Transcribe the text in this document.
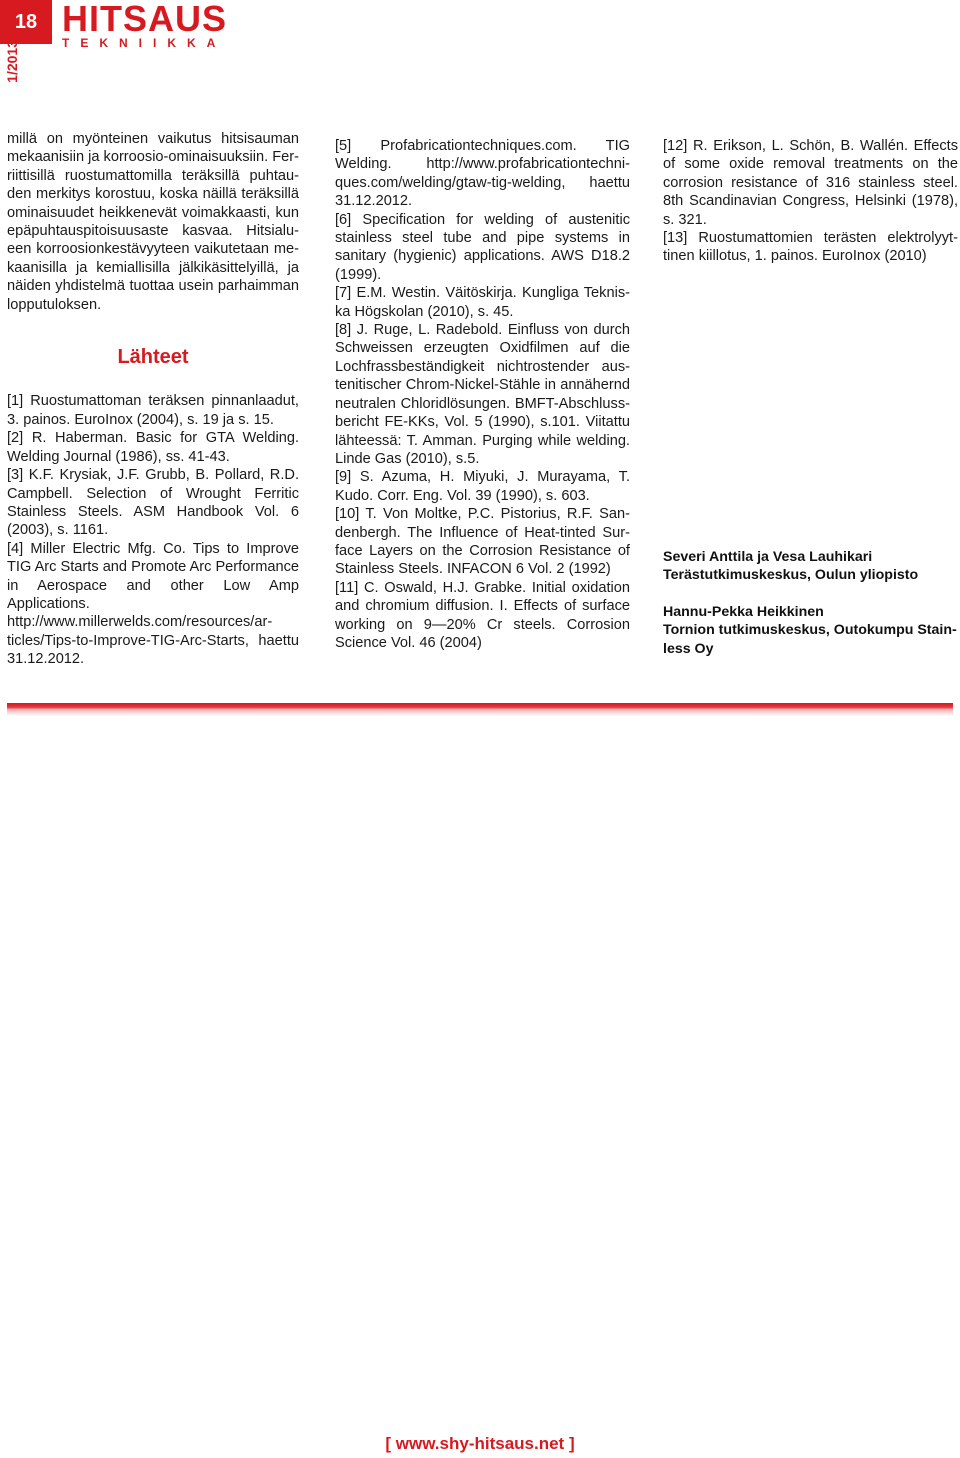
18 HITSAUS
TEKNIIKKA
1/2013

millä on myönteinen vaikutus hitsisauman mekaanisiin ja korroosio-ominaisuuksiin. Ferriittisillä ruostumattomilla teräksillä puhtauden merkitys korostuu, koska näillä teräksillä ominaisuudet heikkenevät voimakkaasti, kun epäpuhtauspitoisuusaste kasvaa. Hitsialueen korroosionkestävyyteen vaikutetaan mekaanisilla ja kemiallisilla jälkikäsittelyillä, ja näiden yhdistelmä tuottaa usein parhaimman lopputuloksen.

Lähteet

[1] Ruostumattoman teräksen pinnanlaadut, 3. painos. EuroInox (2004), s. 19 ja s. 15.

[2] R. Haberman. Basic for GTA Welding. Welding Journal (1986), ss. 41-43.

[3] K.F. Krysiak, J.F. Grubb, B. Pollard, R.D. Campbell. Selection of Wrought Ferritic Stainless Steels. ASM Handbook Vol. 6 (2003), s. 1161.

[4] Miller Electric Mfg. Co. Tips to Improve TIG Arc Starts and Promote Arc Performance in Aerospace and other Low Amp Applications. http://www.millerwelds.com/resources/articles/Tips-to-Improve-TIG-Arc-Starts, haettu 31.12.2012.

[5] Profabricationtechniques.com. TIG Welding. http://www.profabricationtechniques.com/welding/gtaw-tig-welding, haettu 31.12.2012.

[6] Specification for welding of austenitic stainless steel tube and pipe systems in sanitary (hygienic) applications. AWS D18.2 (1999).

[7] E.M. Westin. Väitöskirja. Kungliga Tekniska Högskolan (2010), s. 45.

[8] J. Ruge, L. Radebold. Einfluss von durch Schweissen erzeugten Oxidfilmen auf die Lochfrassbeständigkeit nichtrostender austenitischer Chrom-Nickel-Stähle in annähernd neutralen Chloridlösungen. BMFT-Abschlussbericht FE-KKs, Vol. 5 (1990), s.101. Viitattu lähteessä: T. Amman. Purging while welding. Linde Gas (2010), s.5.

[9] S. Azuma, H. Miyuki, J. Murayama, T. Kudo. Corr. Eng. Vol. 39 (1990), s. 603.

[10] T. Von Moltke, P.C. Pistorius, R.F. Sandenbergh. The Influence of Heat-tinted Surface Layers on the Corrosion Resistance of Stainless Steels. INFACON 6 Vol. 2 (1992)

[11] C. Oswald, H.J. Grabke. Initial oxidation and chromium diffusion. I. Effects of surface working on 9—20% Cr steels. Corrosion Science Vol. 46 (2004)

[12] R. Erikson, L. Schön, B. Wallén. Effects of some oxide removal treatments on the corrosion resistance of 316 stainless steel. 8th Scandinavian Congress, Helsinki (1978), s. 321.

[13] Ruostumattomien terästen elektrolyyttinen kiillotus, 1. painos. EuroInox (2010)

Severi Anttila ja Vesa Lauhikari
Terästutkimuskeskus, Oulun yliopisto
Hannu-Pekka Heikkinen
Tornion tutkimuskeskus, Outokumpu Stainless Oy
[ www.shy-hitsaus.net ]
